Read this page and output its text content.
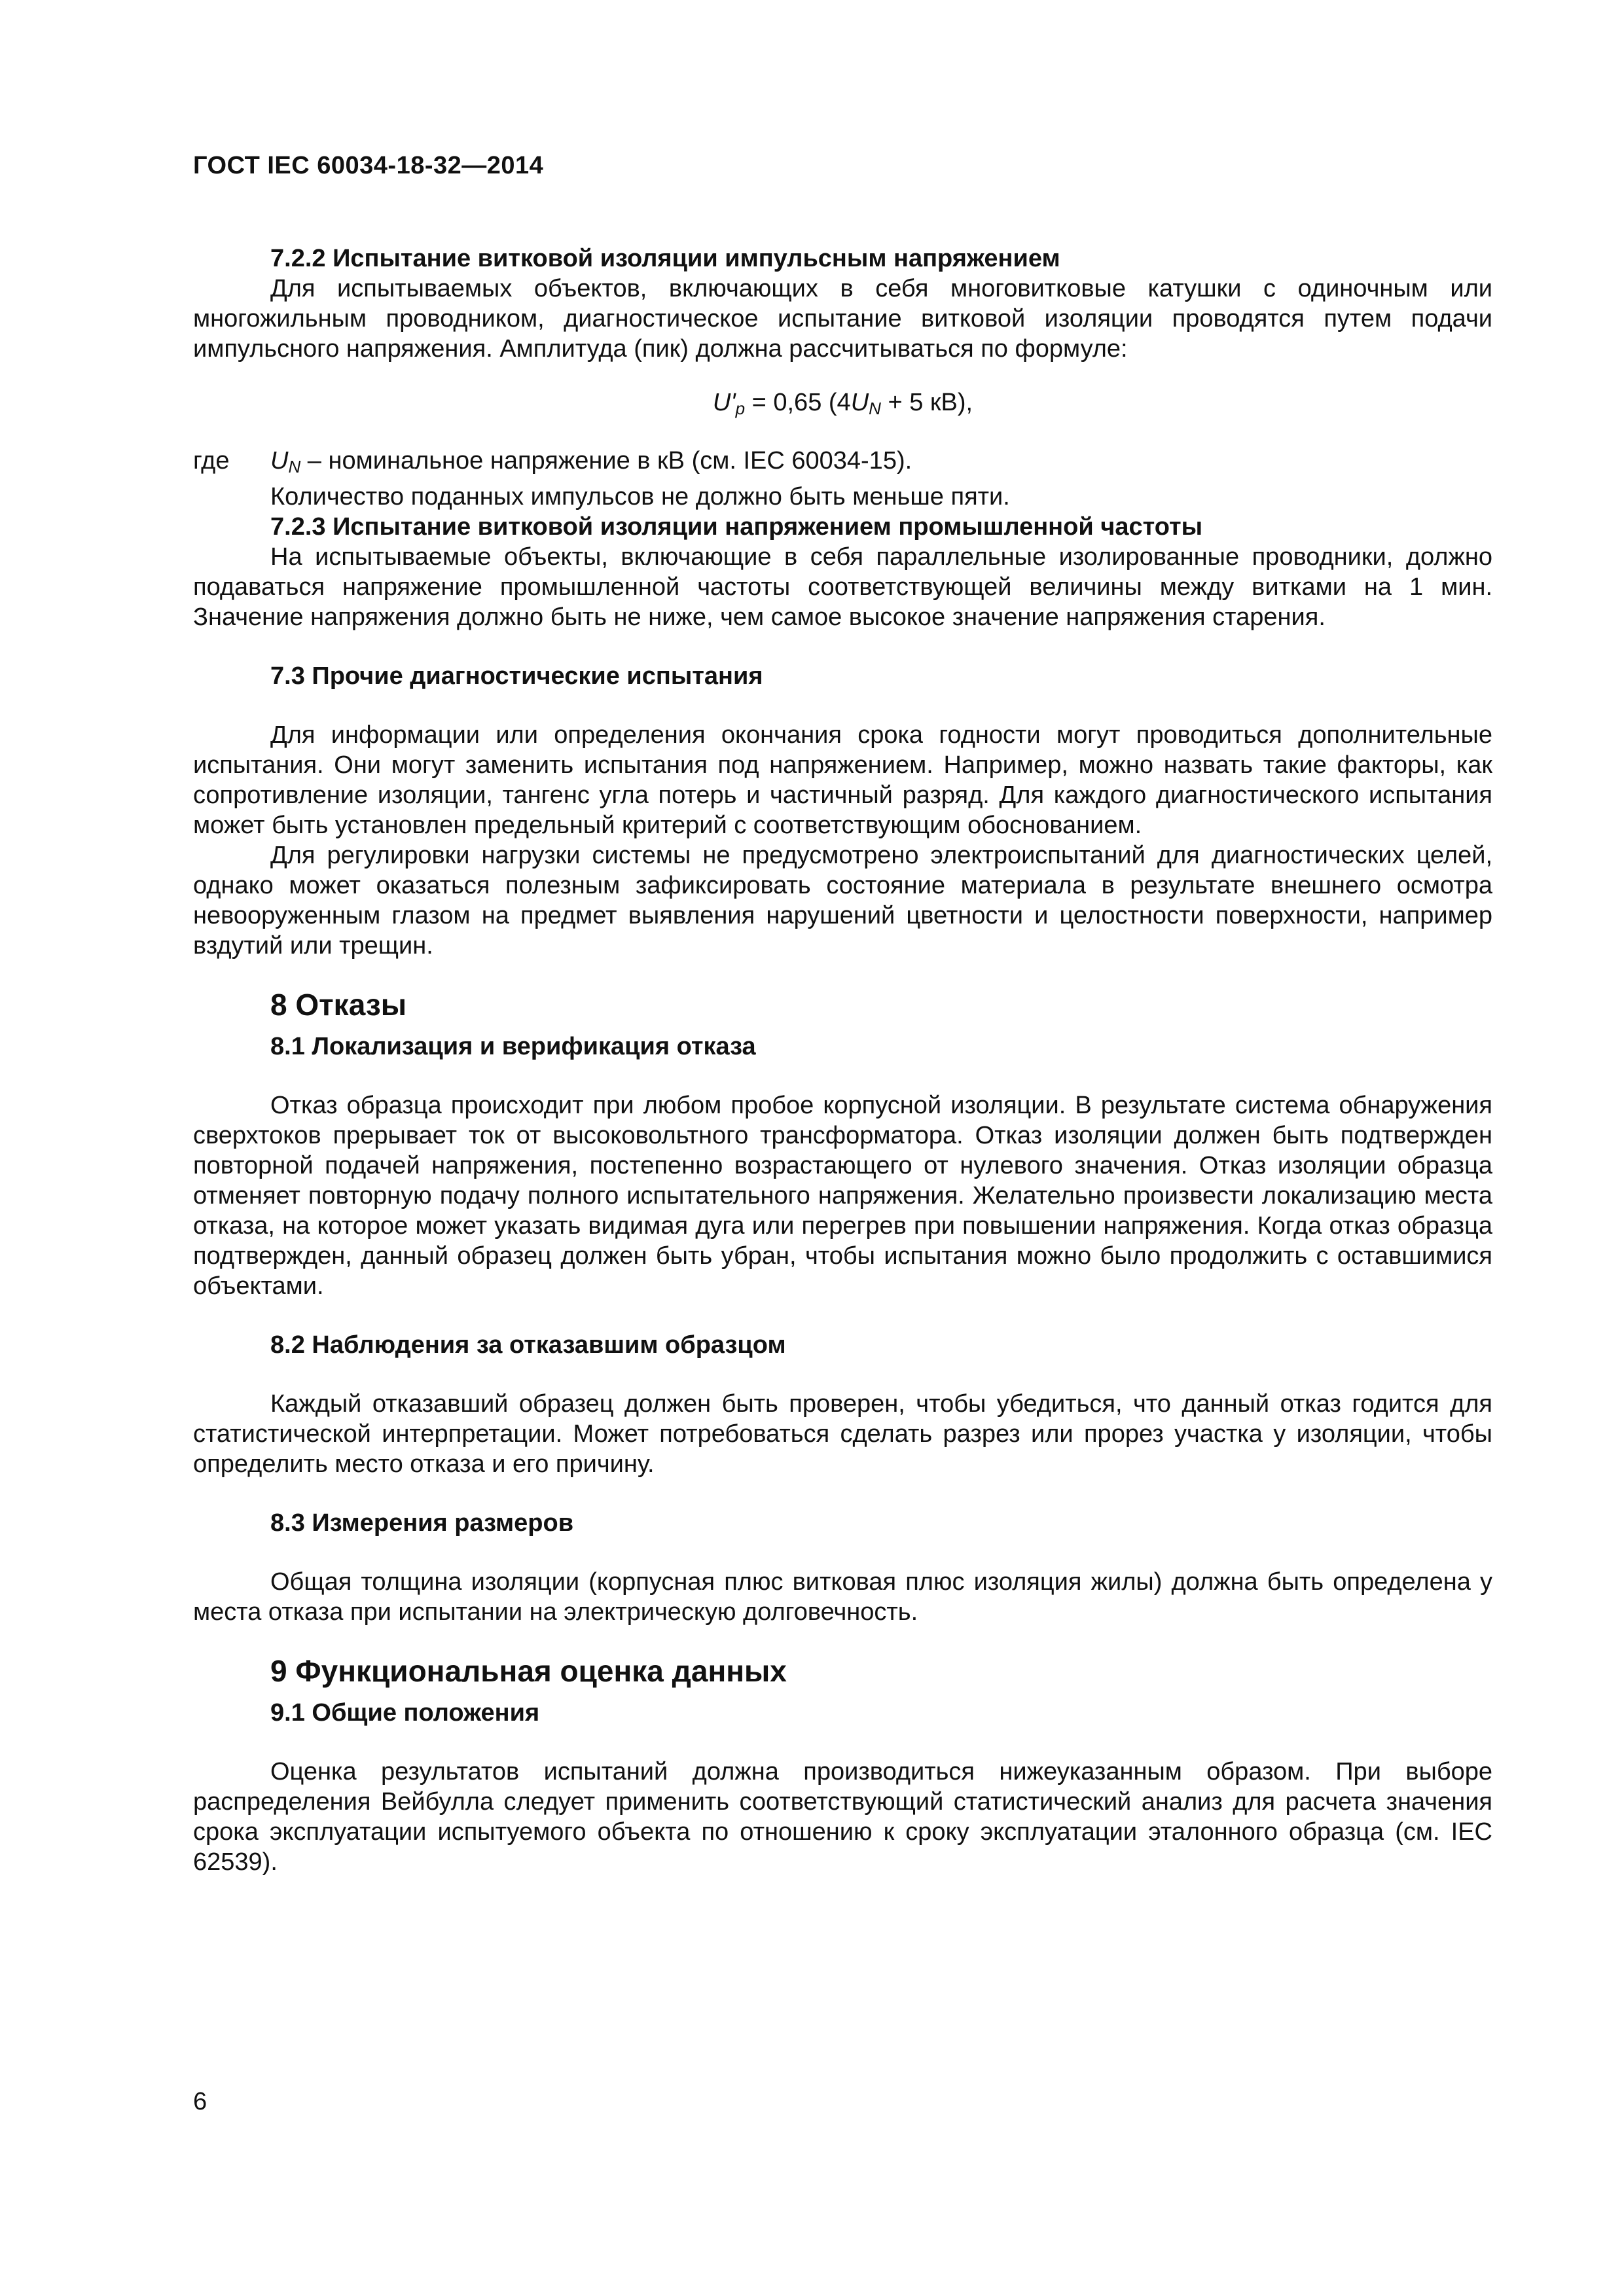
ГОСТ IEC 60034-18-32—2014
7.2.2 Испытание витковой изоляции импульсным напряжением

Для испытываемых объектов, включающих в себя многовитковые катушки с одиночным или многожильным проводником, диагностическое испытание витковой изоляции проводятся путем подачи импульсного напряжения. Амплитуда (пик) должна рассчитываться по формуле:

$U'_p = 0,65$ ($4U_N + 5$ кВ),
где	$U_N$ – номинальное напряжение в кВ (см. IEC 60034-15).
Количество поданных импульсов не должно быть меньше пяти.
7.2.3 Испытание витковой изоляции напряжением промышленной частоты

На испытываемые объекты, включающие в себя параллельные изолированные проводники, должно подаваться напряжение промышленной частоты соответствующей величины между витками на 1 мин. Значение напряжения должно быть не ниже, чем самое высокое значение напряжения старения.

7.3 Прочие диагностические испытания

Для информации или определения окончания срока годности могут проводиться дополнительные испытания. Они могут заменить испытания под напряжением. Например, можно назвать такие факторы, как сопротивление изоляции, тангенс угла потерь и частичный разряд. Для каждого диагностического испытания может быть установлен предельный критерий с соответствующим обоснованием.

Для регулировки нагрузки системы не предусмотрено электроиспытаний для диагностических целей, однако может оказаться полезным зафиксировать состояние материала в результате внешнего осмотра невооруженным глазом на предмет выявления нарушений цветности и целостности поверхности, например вздутий или трещин.

8 Отказы
8.1 Локализация и верификация отказа

Отказ образца происходит при любом пробое корпусной изоляции. В результате система обнаружения сверхтоков прерывает ток от высоковольтного трансформатора. Отказ изоляции должен быть подтвержден повторной подачей напряжения, постепенно возрастающего от нулевого значения. Отказ изоляции образца отменяет повторную подачу полного испытательного напряжения. Желательно произвести локализацию места отказа, на которое может указать видимая дуга или перегрев при повышении напряжения. Когда отказ образца подтвержден, данный образец должен быть убран, чтобы испытания можно было продолжить с оставшимися объектами.

8.2 Наблюдения за отказавшим образцом

Каждый отказавший образец должен быть проверен, чтобы убедиться, что данный отказ годится для статистической интерпретации. Может потребоваться сделать разрез или прорез участка у изоляции, чтобы определить место отказа и его причину.

8.3 Измерения размеров

Общая толщина изоляции (корпусная плюс витковая плюс изоляция жилы) должна быть определена у места отказа при испытании на электрическую долговечность.

9 Функциональная оценка данных
9.1 Общие положения

Оценка результатов испытаний должна производиться нижеуказанным образом. При выборе распределения Вейбулла следует применить соответствующий статистический анализ для расчета значения срока эксплуатации испытуемого объекта по отношению к сроку эксплуатации эталонного образца (см. IEC 62539).

6
